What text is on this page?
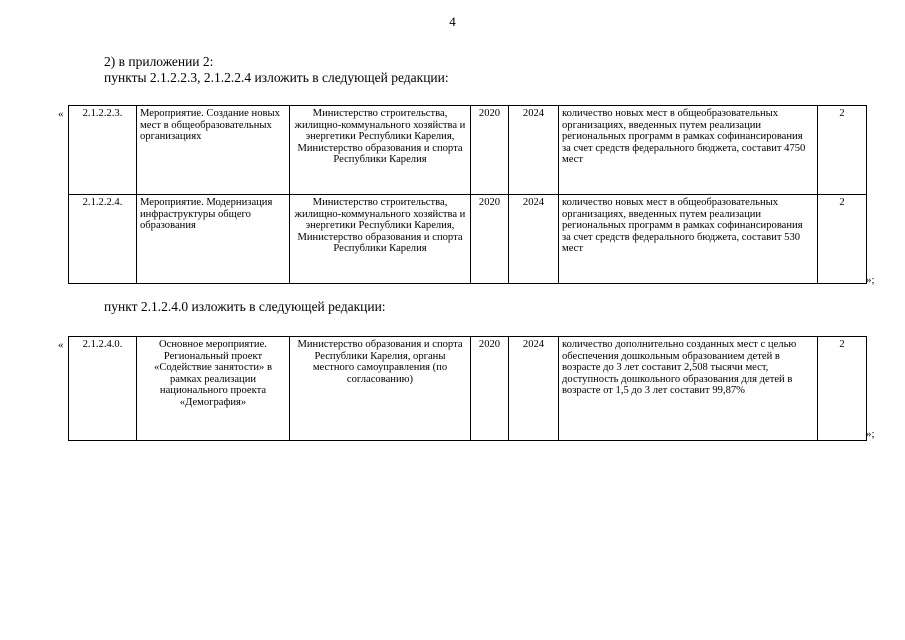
4
2) в приложении 2:
пункты 2.1.2.2.3, 2.1.2.2.4 изложить в следующей редакции:
« 2.1.2.2.3.	Мероприятие. Создание новых мест в общеобразовательных организациях	Министерство строительства, жилищно-коммунального хозяйства и энергетики Республики Карелия, Министерство образования и спорта Республики Карелия	2020	2024	количество новых мест в общеобразовательных организациях, введенных путем реализации региональных программ в рамках софинансирования за счет средств федерального бюджета, составит 4750 мест	2
2.1.2.2.4.	Мероприятие. Модернизация инфраструктуры общего образования	Министерство строительства, жилищно-коммунального хозяйства и энергетики Республики Карелия, Министерство образования и спорта Республики Карелия	2020	2024	количество новых мест в общеобразовательных организациях, введенных путем реализации региональных программ в рамках софинансирования за счет средств федерального бюджета, составит 530 мест	2
»;
пункт 2.1.2.4.0 изложить в следующей редакции:
« 2.1.2.4.0.	Основное мероприятие. Региональный проект «Содействие занятости» в рамках реализации национального проекта «Демография»	Министерство образования и спорта Республики Карелия, органы местного самоуправления (по согласованию)	2020	2024	количество дополнительно созданных мест с целью обеспечения дошкольным образованием детей в возрасте до 3 лет составит 2,508 тысячи мест, доступность дошкольного образования для детей в возрасте от 1,5 до 3 лет составит 99,87%	2
»;
